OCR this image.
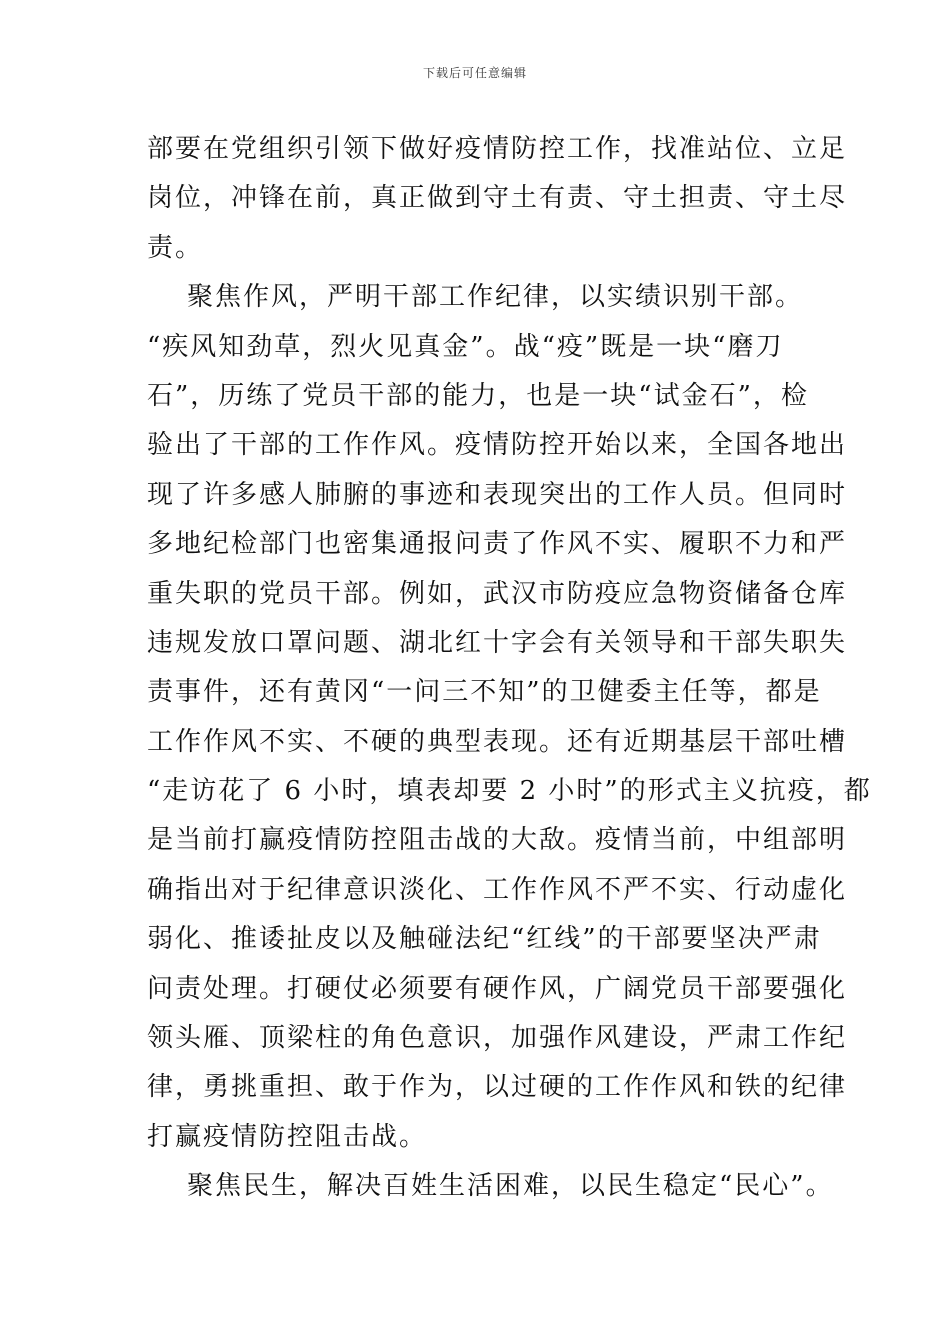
下载后可任意编辑
部要在党组织引领下做好疫情防控工作，找准站位、立足
岗位，冲锋在前，真正做到守土有责、守土担责、守土尽
责。
聚焦作风，严明干部工作纪律，以实绩识别干部。
“疾风知劲草，烈火见真金”。战“疫”既是一块“磨刀
石”，历练了党员干部的能力，也是一块“试金石”，检
验出了干部的工作作风。疫情防控开始以来，全国各地出
现了许多感人肺腑的事迹和表现突出的工作人员。但同时
多地纪检部门也密集通报问责了作风不实、履职不力和严
重失职的党员干部。例如，武汉市防疫应急物资储备仓库
违规发放口罩问题、湖北红十字会有关领导和干部失职失
责事件，还有黄冈“一问三不知”的卫健委主任等，都是
工作作风不实、不硬的典型表现。还有近期基层干部吐槽
“走访花了 6 小时，填表却要 2 小时”的形式主义抗疫，都
是当前打赢疫情防控阻击战的大敌。疫情当前，中组部明
确指出对于纪律意识淡化、工作作风不严不实、行动虚化
弱化、推诿扯皮以及触碰法纪“红线”的干部要坚决严肃
问责处理。打硬仗必须要有硬作风，广阔党员干部要强化
领头雁、顶梁柱的角色意识，加强作风建设，严肃工作纪
律，勇挑重担、敢于作为，以过硬的工作作风和铁的纪律
打赢疫情防控阻击战。
聚焦民生，解决百姓生活困难，以民生稳定“民心”。
